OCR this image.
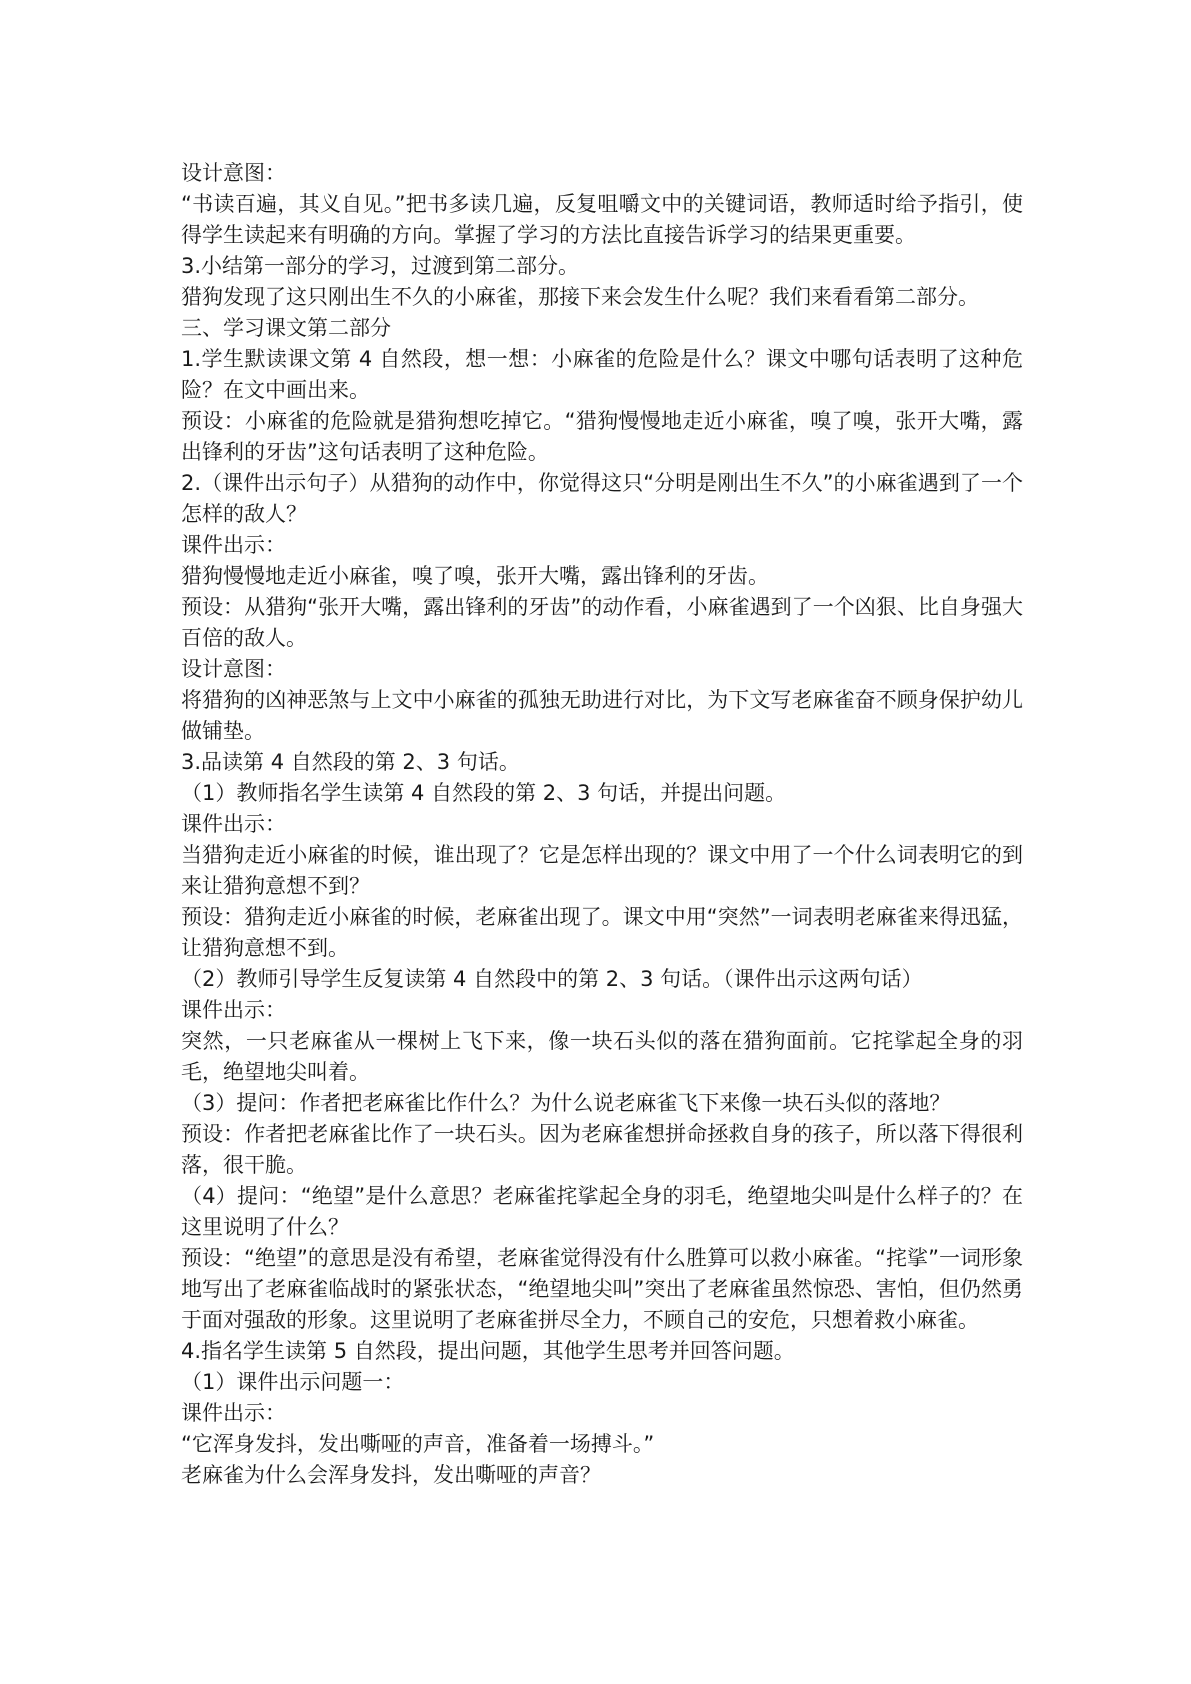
设计意图：

“书读百遍，其义自见。”把书多读几遍，反复咀嚼文中的关键词语，教师适时给予指引，使得学生读起来有明确的方向。掌握了学习的方法比直接告诉学习的结果更重要。

3.小结第一部分的学习，过渡到第二部分。

猎狗发现了这只刚出生不久的小麻雀，那接下来会发生什么呢？我们来看看第二部分。

三、学习课文第二部分

1.学生默读课文第 4 自然段，想一想：小麻雀的危险是什么？课文中哪句话表明了这种危险？在文中画出来。

预设：小麻雀的危险就是猎狗想吃掉它。“猎狗慢慢地走近小麻雀，嗅了嗅，张开大嘴，露出锋利的牙齿”这句话表明了这种危险。

2.（课件出示句子）从猎狗的动作中，你觉得这只“分明是刚出生不久”的小麻雀遇到了一个怎样的敌人？

课件出示：

猎狗慢慢地走近小麻雀，嗅了嗅，张开大嘴，露出锋利的牙齿。

预设：从猎狗“张开大嘴，露出锋利的牙齿”的动作看，小麻雀遇到了一个凶狠、比自身强大百倍的敌人。

设计意图：

将猎狗的凶神恶煞与上文中小麻雀的孤独无助进行对比，为下文写老麻雀奋不顾身保护幼儿做铺垫。

3.品读第 4 自然段的第 2、3 句话。

（1）教师指名学生读第 4 自然段的第 2、3 句话，并提出问题。

课件出示：

当猎狗走近小麻雀的时候，谁出现了？它是怎样出现的？课文中用了一个什么词表明它的到来让猎狗意想不到？

预设：猎狗走近小麻雀的时候，老麻雀出现了。课文中用“突然”一词表明老麻雀来得迅猛，让猎狗意想不到。

（2）教师引导学生反复读第 4 自然段中的第 2、3 句话。（课件出示这两句话）

课件出示：

突然，一只老麻雀从一棵树上飞下来，像一块石头似的落在猎狗面前。它挓挲起全身的羽毛，绝望地尖叫着。

（3）提问：作者把老麻雀比作什么？为什么说老麻雀飞下来像一块石头似的落地？

预设：作者把老麻雀比作了一块石头。因为老麻雀想拼命拯救自身的孩子，所以落下得很利落，很干脆。

（4）提问：“绝望”是什么意思？老麻雀挓挲起全身的羽毛，绝望地尖叫是什么样子的？在这里说明了什么？

预设：“绝望”的意思是没有希望，老麻雀觉得没有什么胜算可以救小麻雀。“挓挲”一词形象地写出了老麻雀临战时的紧张状态，“绝望地尖叫”突出了老麻雀虽然惊恐、害怕，但仍然勇于面对强敌的形象。这里说明了老麻雀拼尽全力，不顾自己的安危，只想着救小麻雀。

4.指名学生读第 5 自然段，提出问题，其他学生思考并回答问题。

（1）课件出示问题一：

课件出示：

“它浑身发抖，发出嘶哑的声音，准备着一场搏斗。”

老麻雀为什么会浑身发抖，发出嘶哑的声音？
